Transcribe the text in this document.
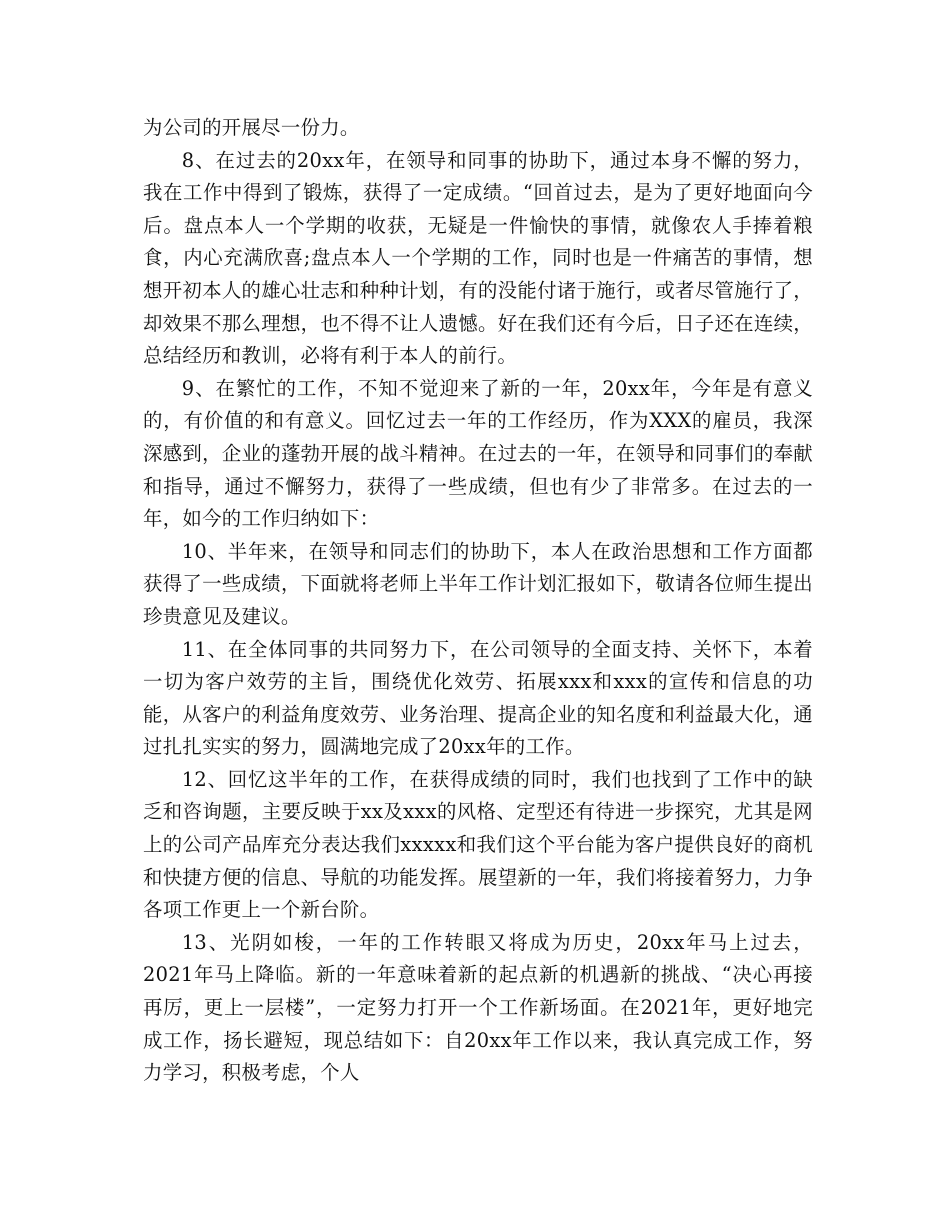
为公司的开展尽一份力。

8、在过去的20xx年，在领导和同事的协助下，通过本身不懈的努力，我在工作中得到了锻炼，获得了一定成绩。“回首过去，是为了更好地面向今后。盘点本人一个学期的收获，无疑是一件愉快的事情，就像农人手捧着粮食，内心充满欣喜;盘点本人一个学期的工作，同时也是一件痛苦的事情，想想开初本人的雄心壮志和种种计划，有的没能付诸于施行，或者尽管施行了，却效果不那么理想，也不得不让人遗憾。好在我们还有今后，日子还在连续，总结经历和教训，必将有利于本人的前行。

9、在繁忙的工作，不知不觉迎来了新的一年，20xx年，今年是有意义的，有价值的和有意义。回忆过去一年的工作经历，作为XXX的雇员，我深深感到，企业的蓬勃开展的战斗精神。在过去的一年，在领导和同事们的奉献和指导，通过不懈努力，获得了一些成绩，但也有少了非常多。在过去的一年，如今的工作归纳如下：

10、半年来，在领导和同志们的协助下，本人在政治思想和工作方面都获得了一些成绩，下面就将老师上半年工作计划汇报如下，敬请各位师生提出珍贵意见及建议。

11、在全体同事的共同努力下，在公司领导的全面支持、关怀下，本着一切为客户效劳的主旨，围绕优化效劳、拓展xxx和xxx的宣传和信息的功能，从客户的利益角度效劳、业务治理、提高企业的知名度和利益最大化，通过扎扎实实的努力，圆满地完成了20xx年的工作。

12、回忆这半年的工作，在获得成绩的同时，我们也找到了工作中的缺乏和咨询题，主要反映于xx及xxx的风格、定型还有待进一步探究，尤其是网上的公司产品库充分表达我们xxxxx和我们这个平台能为客户提供良好的商机和快捷方便的信息、导航的功能发挥。展望新的一年，我们将接着努力，力争各项工作更上一个新台阶。

13、光阴如梭，一年的工作转眼又将成为历史，20xx年马上过去，2021年马上降临。新的一年意味着新的起点新的机遇新的挑战、“决心再接再厉，更上一层楼”，一定努力打开一个工作新场面。在2021年，更好地完成工作，扬长避短，现总结如下：自20xx年工作以来，我认真完成工作，努力学习，积极考虑，个人
